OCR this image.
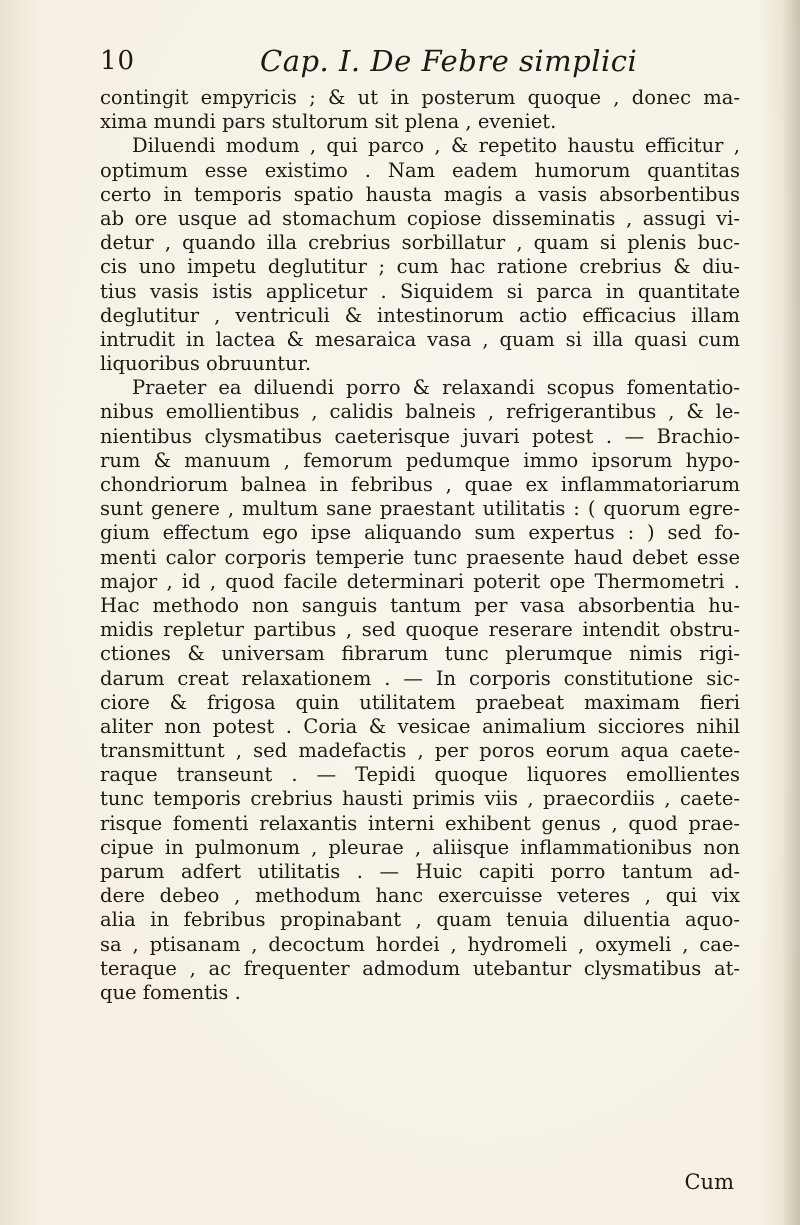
10	Cap. I. De Febre simplici
contingit empyricis ; & ut in posterum quoque , donec ma-
xima mundi pars stultorum sit plena , eveniet.
Diluendi modum , qui parco , & repetito haustu efficitur ,
optimum esse existimo . Nam eadem humorum quantitas
certo in temporis spatio hausta magis a vasis absorbentibus
ab ore usque ad stomachum copiose disseminatis , assugi vi-
detur , quando illa crebrius sorbillatur , quam si plenis buc-
cis uno impetu deglutitur ; cum hac ratione crebrius & diu-
tius vasis istis applicetur . Siquidem si parca in quantitate
deglutitur , ventriculi & intestinorum actio efficacius illam
intrudit in lactea & mesaraica vasa , quam si illa quasi cum
liquoribus obruuntur.
Praeter ea diluendi porro & relaxandi scopus fomentatio-
nibus emollientibus , calidis balneis , refrigerantibus , & le-
nientibus clysmatibus caeterisque juvari potest . — Brachio-
rum & manuum , femorum pedumque immo ipsorum hypo-
chondriorum balnea in febribus , quae ex inflammatoriarum
sunt genere , multum sane praestant utilitatis : ( quorum egre-
gium effectum ego ipse aliquando sum expertus : ) sed fo-
menti calor corporis temperie tunc praesente haud debet esse
major , id , quod facile determinari poterit ope Thermometri .
Hac methodo non sanguis tantum per vasa absorbentia hu-
midis repletur partibus , sed quoque reserare intendit obstru-
ctiones & universam fibrarum tunc plerumque nimis rigi-
darum creat relaxationem . — In corporis constitutione sic-
ciore & frigosa quin utilitatem praebeat maximam fieri
aliter non potest . Coria & vesicae animalium sicciores nihil
transmittunt , sed madefactis , per poros eorum aqua caete-
raque transeunt . — Tepidi quoque liquores emollientes
tunc temporis crebrius hausti primis viis , praecordiis , caete-
risque fomenti relaxantis interni exhibent genus , quod prae-
cipue in pulmonum , pleurae , aliisque inflammationibus non
parum adfert utilitatis . — Huic capiti porro tantum ad-
dere debeo , methodum hanc exercuisse veteres , qui vix
alia in febribus propinabant , quam tenuia diluentia aquo-
sa , ptisanam , decoctum hordei , hydromeli , oxymeli , cae-
teraque , ac frequenter admodum utebantur clysmatibus at-
que fomentis .
Cum
